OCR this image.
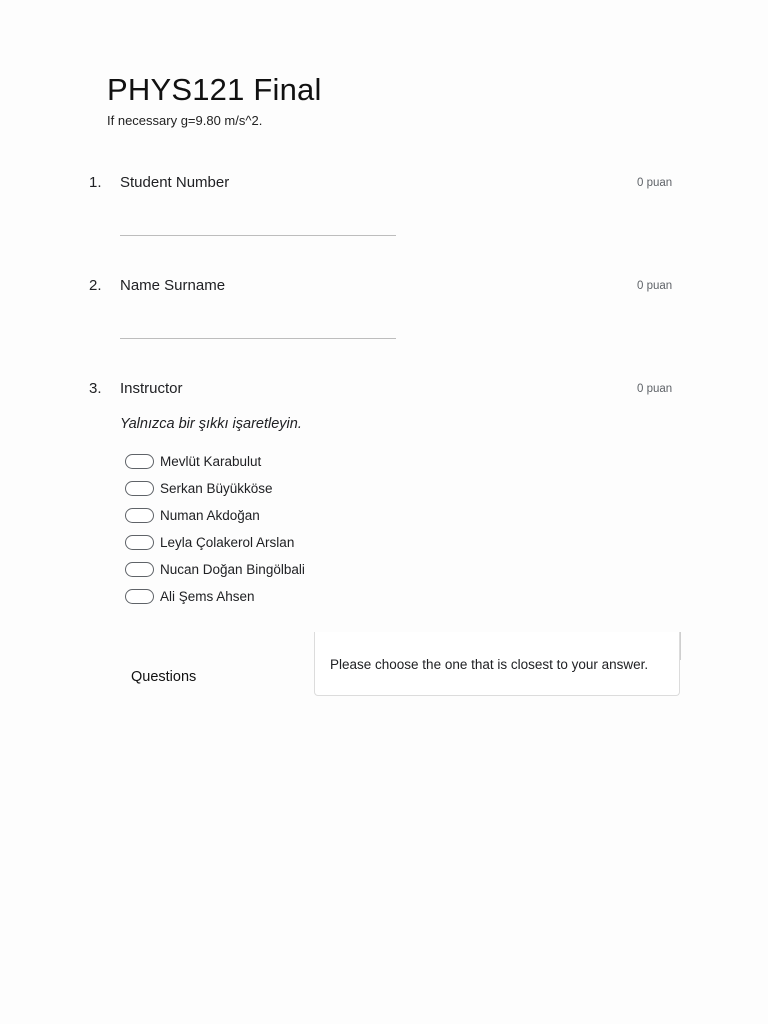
PHYS121 Final
If necessary g=9.80 m/s^2.
1. Student Number	0 puan
2. Name Surname	0 puan
3. Instructor	0 puan
Yalnızca bir şıkkı işaretleyin.
Mevlüt Karabulut
Serkan Büyükköse
Numan Akdoğan
Leyla Çolakerol Arslan
Nucan Doğan Bingölbali
Ali Şems Ahsen
Questions
Please choose the one that is closest to your answer.
